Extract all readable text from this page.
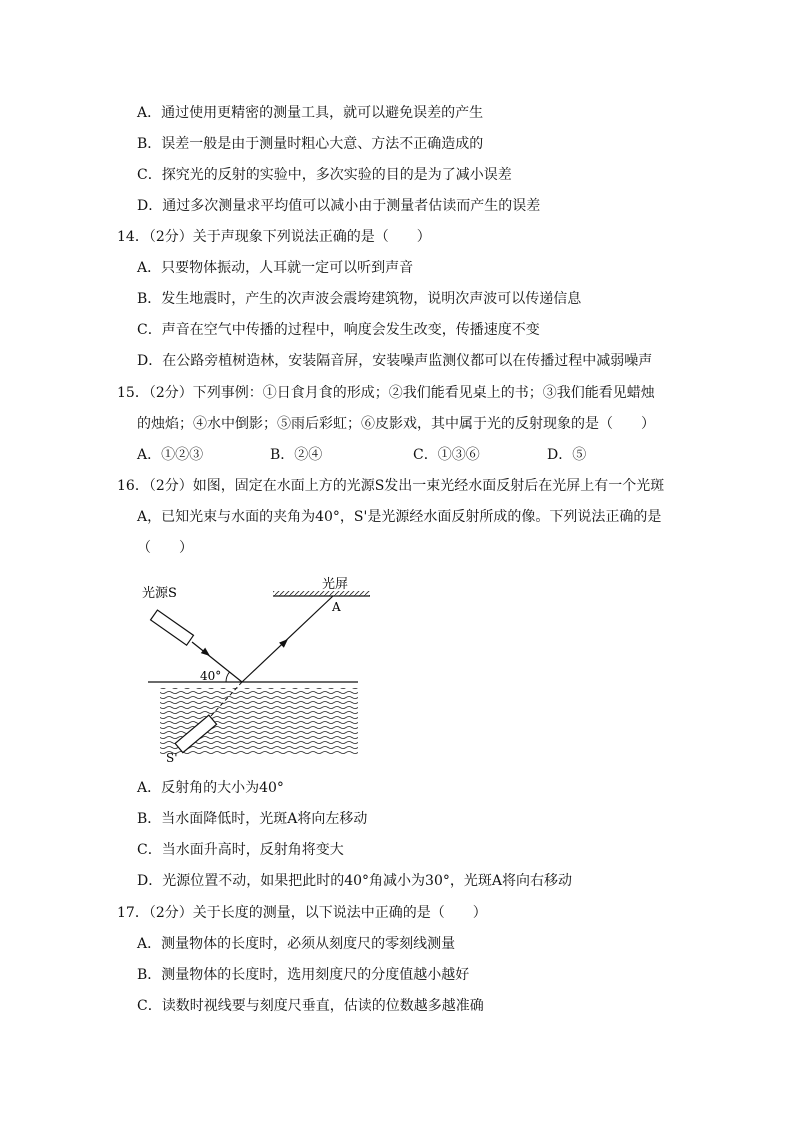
A．通过使用更精密的测量工具，就可以避免误差的产生
B．误差一般是由于测量时粗心大意、方法不正确造成的
C．探究光的反射的实验中，多次实验的目的是为了减小误差
D．通过多次测量求平均值可以减小由于测量者估读而产生的误差
14．（2分）关于声现象下列说法正确的是（　　）
A．只要物体振动，人耳就一定可以听到声音
B．发生地震时，产生的次声波会震垮建筑物，说明次声波可以传递信息
C．声音在空气中传播的过程中，响度会发生改变，传播速度不变
D．在公路旁植树造林，安装隔音屏，安装噪声监测仪都可以在传播过程中减弱噪声
15．（2分）下列事例：①日食月食的形成；②我们能看见桌上的书；③我们能看见蜡烛
的烛焰；④水中倒影；⑤雨后彩虹；⑥皮影戏，其中属于光的反射现象的是（　　）
A．①②③	B．②④	C．①③⑥	D．⑤
16．（2分）如图，固定在水面上方的光源S发出一束光经水面反射后在光屏上有一个光斑
A，已知光束与水面的夹角为40°，S'是光源经水面反射所成的像。下列说法正确的是
（　　）
光屏
A
光源S
S'
40°
A．反射角的大小为40°
B．当水面降低时，光斑A将向左移动
C．当水面升高时，反射角将变大
D．光源位置不动，如果把此时的40°角减小为30°，光斑A将向右移动
17．（2分）关于长度的测量，以下说法中正确的是（　　）
A．测量物体的长度时，必须从刻度尺的零刻线测量
B．测量物体的长度时，选用刻度尺的分度值越小越好
C．读数时视线要与刻度尺垂直，估读的位数越多越准确
